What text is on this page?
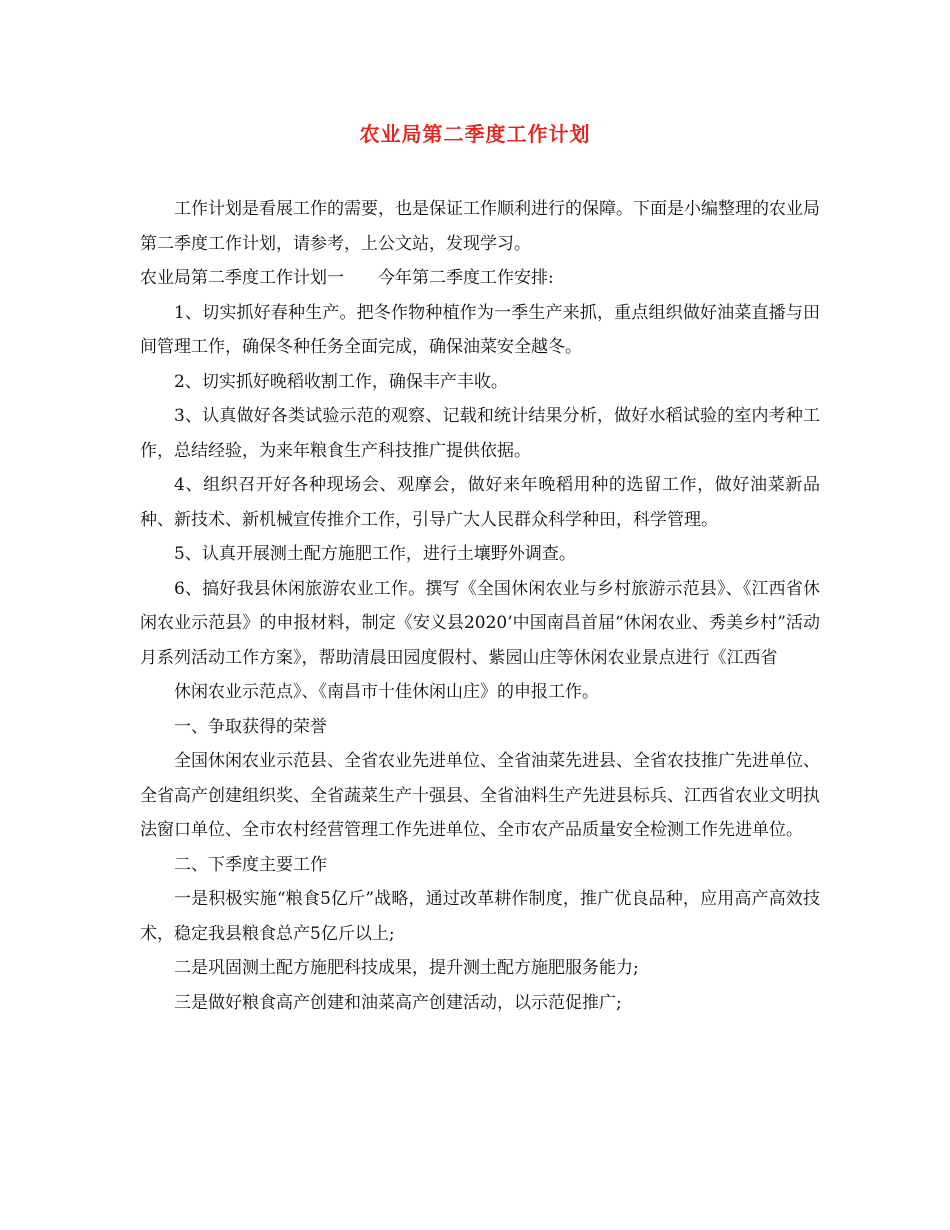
农业局第二季度工作计划

工作计划是看展工作的需要，也是保证工作顺利进行的保障。下面是小编整理的农业局第二季度工作计划，请参考，上公文站，发现学习。

农业局第二季度工作计划一　　今年第二季度工作安排:

1、切实抓好春种生产。把冬作物种植作为一季生产来抓，重点组织做好油菜直播与田间管理工作，确保冬种任务全面完成，确保油菜安全越冬。

2、切实抓好晚稻收割工作，确保丰产丰收。

3、认真做好各类试验示范的观察、记载和统计结果分析，做好水稻试验的室内考种工作，总结经验，为来年粮食生产科技推广提供依据。

4、组织召开好各种现场会、观摩会，做好来年晚稻用种的选留工作，做好油菜新品种、新技术、新机械宣传推介工作，引导广大人民群众科学种田，科学管理。

5、认真开展测土配方施肥工作，进行土壤野外调查。

6、搞好我县休闲旅游农业工作。撰写《全国休闲农业与乡村旅游示范县》、《江西省休闲农业示范县》的申报材料，制定《安义县2020’中国南昌首届“休闲农业、秀美乡村”活动月系列活动工作方案》，帮助清晨田园度假村、紫园山庄等休闲农业景点进行《江西省

休闲农业示范点》、《南昌市十佳休闲山庄》的申报工作。

一、争取获得的荣誉

全国休闲农业示范县、全省农业先进单位、全省油菜先进县、全省农技推广先进单位、全省高产创建组织奖、全省蔬菜生产十强县、全省油料生产先进县标兵、江西省农业文明执法窗口单位、全市农村经营管理工作先进单位、全市农产品质量安全检测工作先进单位。

二、下季度主要工作

一是积极实施“粮食5亿斤”战略，通过改革耕作制度，推广优良品种，应用高产高效技术，稳定我县粮食总产5亿斤以上;

二是巩固测土配方施肥科技成果，提升测土配方施肥服务能力;

三是做好粮食高产创建和油菜高产创建活动，以示范促推广;
